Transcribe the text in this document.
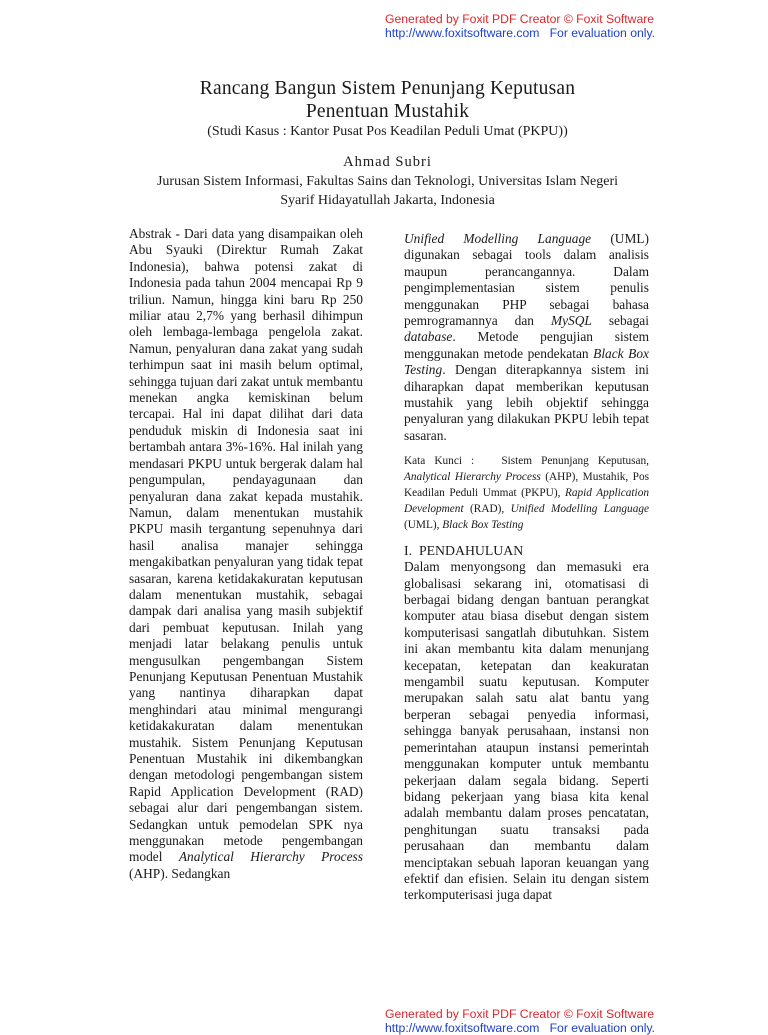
Generated by Foxit PDF Creator © Foxit Software
http://www.foxitsoftware.com For evaluation only.
Rancang Bangun Sistem Penunjang Keputusan
Penentuan Mustahik
(Studi Kasus : Kantor Pusat Pos Keadilan Peduli Umat (PKPU))
Ahmad Subri
Jurusan Sistem Informasi, Fakultas Sains dan Teknologi, Universitas Islam Negeri
Syarif Hidayatullah Jakarta, Indonesia

Abstrak - Dari data yang disampaikan oleh Abu Syauki (Direktur Rumah Zakat Indonesia), bahwa potensi zakat di Indonesia pada tahun 2004 mencapai Rp 9 triliun. Namun, hingga kini baru Rp 250 miliar atau 2,7% yang berhasil dihimpun oleh lembaga-lembaga pengelola zakat. Namun, penyaluran dana zakat yang sudah terhimpun saat ini masih belum optimal, sehingga tujuan dari zakat untuk membantu menekan angka kemiskinan belum tercapai. Hal ini dapat dilihat dari data penduduk miskin di Indonesia saat ini bertambah antara 3%-16%. Hal inilah yang mendasari PKPU untuk bergerak dalam hal pengumpulan, pendayagunaan dan penyaluran dana zakat kepada mustahik. Namun, dalam menentukan mustahik PKPU masih tergantung sepenuhnya dari hasil analisa manajer sehingga mengakibatkan penyaluran yang tidak tepat sasaran, karena ketidakakuratan keputusan dalam menentukan mustahik, sebagai dampak dari analisa yang masih subjektif dari pembuat keputusan. Inilah yang menjadi latar belakang penulis untuk mengusulkan pengembangan Sistem Penunjang Keputusan Penentuan Mustahik yang nantinya diharapkan dapat menghindari atau minimal mengurangi ketidakakuratan dalam menentukan mustahik. Sistem Penunjang Keputusan Penentuan Mustahik ini dikembangkan dengan metodologi pengembangan sistem Rapid Application Development (RAD) sebagai alur dari pengembangan sistem. Sedangkan untuk pemodelan SPK nya menggunakan metode pengembangan model Analytical Hierarchy Process (AHP). Sedangkan

Unified Modelling Language (UML) digunakan sebagai tools dalam analisis maupun perancangannya. Dalam pengimplementasian sistem penulis menggunakan PHP sebagai bahasa pemrogramannya dan MySQL sebagai database. Metode pengujian sistem menggunakan metode pendekatan Black Box Testing. Dengan diterapkannya sistem ini diharapkan dapat memberikan keputusan mustahik yang lebih objektif sehingga penyaluran yang dilakukan PKPU lebih tepat sasaran.

Kata Kunci : Sistem Penunjang Keputusan, Analytical Hierarchy Process (AHP), Mustahik, Pos Keadilan Peduli Ummat (PKPU), Rapid Application Development (RAD), Unified Modelling Language (UML), Black Box Testing

I. PENDAHULUAN

Dalam menyongsong dan memasuki era globalisasi sekarang ini, otomatisasi di berbagai bidang dengan bantuan perangkat komputer atau biasa disebut dengan sistem komputerisasi sangatlah dibutuhkan. Sistem ini akan membantu kita dalam menunjang kecepatan, ketepatan dan keakuratan mengambil suatu keputusan. Komputer merupakan salah satu alat bantu yang berperan sebagai penyedia informasi, sehingga banyak perusahaan, instansi non pemerintahan ataupun instansi pemerintah menggunakan komputer untuk membantu pekerjaan dalam segala bidang. Seperti bidang pekerjaan yang biasa kita kenal adalah membantu dalam proses pencatatan, penghitungan suatu transaksi pada perusahaan dan membantu dalam menciptakan sebuah laporan keuangan yang efektif dan efisien. Selain itu dengan sistem terkomputerisasi juga dapat

Generated by Foxit PDF Creator © Foxit Software
http://www.foxitsoftware.com For evaluation only.
